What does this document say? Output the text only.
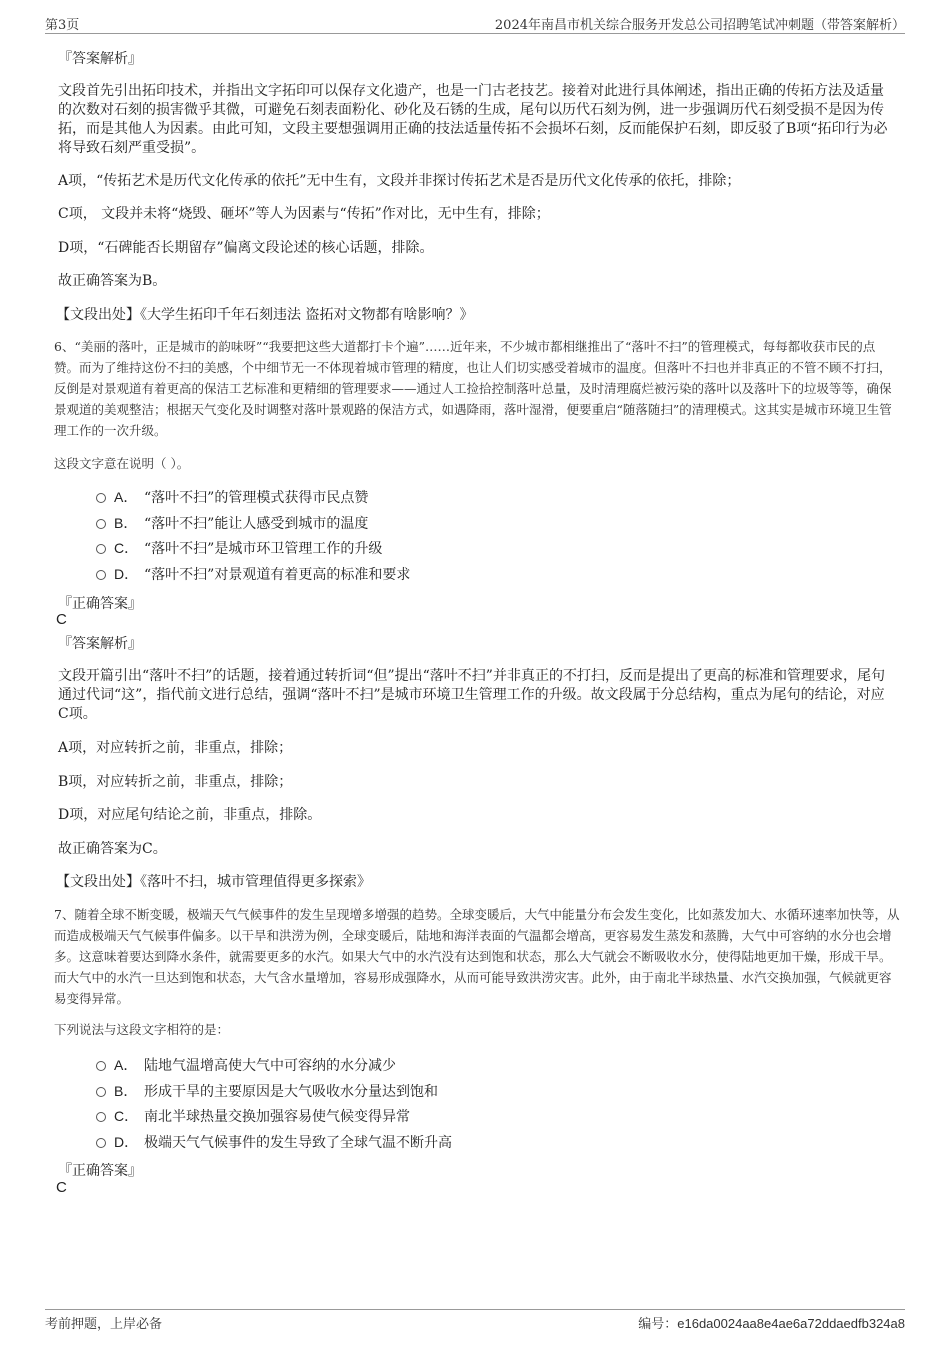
第3页	2024年南昌市机关综合服务开发总公司招聘笔试冲刺题（带答案解析）
『答案解析』
文段首先引出拓印技术，并指出文字拓印可以保存文化遗产，也是一门古老技艺。接着对此进行具体阐述，指出正确的传拓方法及适量的次数对石刻的损害微乎其微，可避免石刻表面粉化、砂化及石锈的生成，尾句以历代石刻为例，进一步强调历代石刻受损不是因为传拓，而是其他人为因素。由此可知，文段主要想强调用正确的技法适量传拓不会损坏石刻，反而能保护石刻，即反驳了B项“拓印行为必将导致石刻严重受损”。
A项，“传拓艺术是历代文化传承的依托”无中生有，文段并非探讨传拓艺术是否是历代文化传承的依托，排除；
C项， 文段并未将“烧毁、砸坏”等人为因素与“传拓”作对比，无中生有，排除；
D项，“石碑能否长期留存”偏离文段论述的核心话题，排除。
故正确答案为B。
【文段出处】《大学生拓印千年石刻违法 盗拓对文物都有啥影响？》
6、“美丽的落叶，正是城市的韵味呀”“我要把这些大道都打卡个遍”……近年来，不少城市都相继推出了“落叶不扫”的管理模式，每每都收获市民的点赞。而为了维持这份不扫的美感，个中细节无一不体现着城市管理的精度，也让人们切实感受着城市的温度。但落叶不扫也并非真正的不管不顾不打扫，反倒是对景观道有着更高的保洁工艺标准和更精细的管理要求——通过人工捡拾控制落叶总量，及时清理腐烂被污染的落叶以及落叶下的垃圾等等，确保景观道的美观整洁；根据天气变化及时调整对落叶景观路的保洁方式，如遇降雨，落叶湿滑，便要重启“随落随扫”的清理模式。这其实是城市环境卫生管理工作的一次升级。
这段文字意在说明（ ）。
A． “落叶不扫”的管理模式获得市民点赞
B． “落叶不扫”能让人感受到城市的温度
C． “落叶不扫”是城市环卫管理工作的升级
D． “落叶不扫”对景观道有着更高的标准和要求
『正确答案』
C
『答案解析』
文段开篇引出“落叶不扫”的话题，接着通过转折词“但”提出“落叶不扫”并非真正的不打扫，反而是提出了更高的标准和管理要求，尾句通过代词“这”，指代前文进行总结，强调“落叶不扫”是城市环境卫生管理工作的升级。故文段属于分总结构，重点为尾句的结论，对应C项。
A项，对应转折之前，非重点，排除；
B项，对应转折之前，非重点，排除；
D项，对应尾句结论之前，非重点，排除。
故正确答案为C。
【文段出处】《落叶不扫，城市管理值得更多探索》
7、随着全球不断变暖，极端天气气候事件的发生呈现增多增强的趋势。全球变暖后，大气中能量分布会发生变化，比如蒸发加大、水循环速率加快等，从而造成极端天气气候事件偏多。以干旱和洪涝为例，全球变暖后，陆地和海洋表面的气温都会增高，更容易发生蒸发和蒸腾，大气中可容纳的水分也会增多。这意味着要达到降水条件，就需要更多的水汽。如果大气中的水汽没有达到饱和状态，那么大气就会不断吸收水分，使得陆地更加干燥，形成干旱。而大气中的水汽一旦达到饱和状态，大气含水量增加，容易形成强降水，从而可能导致洪涝灾害。此外，由于南北半球热量、水汽交换加强，气候就更容易变得异常。
下列说法与这段文字相符的是：
A． 陆地气温增高使大气中可容纳的水分减少
B． 形成干旱的主要原因是大气吸收水分量达到饱和
C． 南北半球热量交换加强容易使气候变得异常
D． 极端天气气候事件的发生导致了全球气温不断升高
『正确答案』
C
考前押题，上岸必备	编号：e16da0024aa8e4ae6a72ddaedfb324a8
